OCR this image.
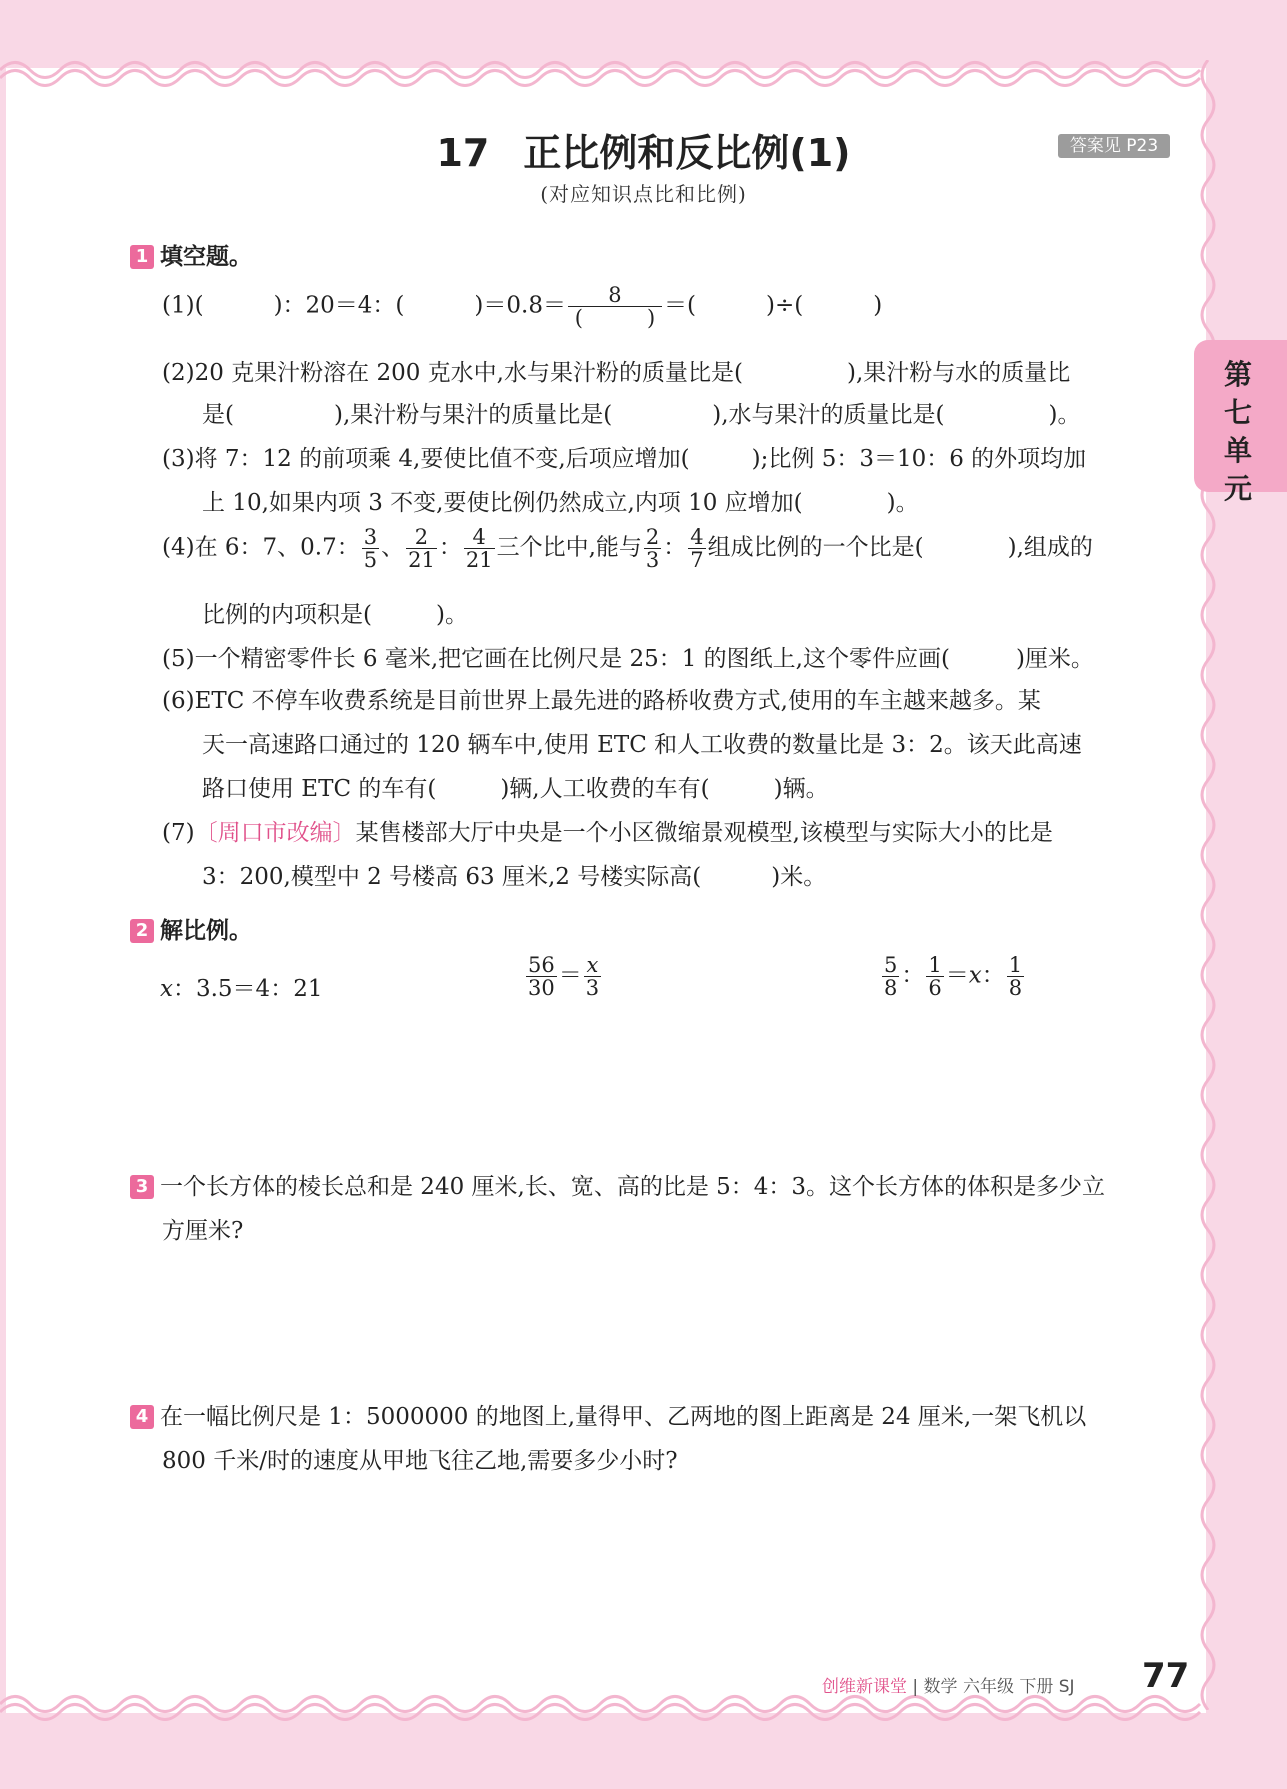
17 正比例和反比例(1)
(对应知识点比和比例)
答案见 P23
第七单元
1 填空题。
(1)(	)：20＝4：(	)＝0.8＝ 8
(	) ＝(	)÷(	)
(2)20 克果汁粉溶在 200 克水中,水与果汁粉的质量比是(	),果汁粉与水的质量比
是(	),果汁粉与果汁的质量比是(	),水与果汁的质量比是(	)。
(3)将 7：12 的前项乘 4,要使比值不变,后项应增加(	);比例 5：3＝10：6 的外项均加
上 10,如果内项 3 不变,要使比例仍然成立,内项 10 应增加(	)。
(4)在 6：7、0.7： $\frac{3}{5}$ 、 $\frac{2}{21}$ ： $\frac{4}{21}$ 三个比中,能与 $\frac{2}{3}$ ： $\frac{4}{7}$ 组成比例的一个比是(	),组成的
比例的内项积是(	)。
(5)一个精密零件长 6 毫米,把它画在比例尺是 25：1 的图纸上,这个零件应画(	)厘米。
(6)ETC 不停车收费系统是目前世界上最先进的路桥收费方式,使用的车主越来越多。某
天一高速路口通过的 120 辆车中,使用 ETC 和人工收费的数量比是 3：2。该天此高速
路口使用 ETC 的车有(	)辆,人工收费的车有(	)辆。
(7)〔周口市改编〕某售楼部大厅中央是一个小区微缩景观模型,该模型与实际大小的比是
3：200,模型中 2 号楼高 63 厘米,2 号楼实际高(	)米。
2 解比例。
x：3.5＝4：21	$\frac{56}{30} = \frac{x}{3}$	$\frac{5}{8}$ ： $\frac{1}{6} =x$： $\frac{1}{8}$
3 一个长方体的棱长总和是 240 厘米,长、宽、高的比是 5：4：3。这个长方体的体积是多少立
方厘米?
4 在一幅比例尺是 1：5000000 的地图上,量得甲、乙两地的图上距离是 24 厘米,一架飞机以
800 千米/时的速度从甲地飞往乙地,需要多少小时?
创维新课堂 | 数学 六年级 下册 SJ 77
